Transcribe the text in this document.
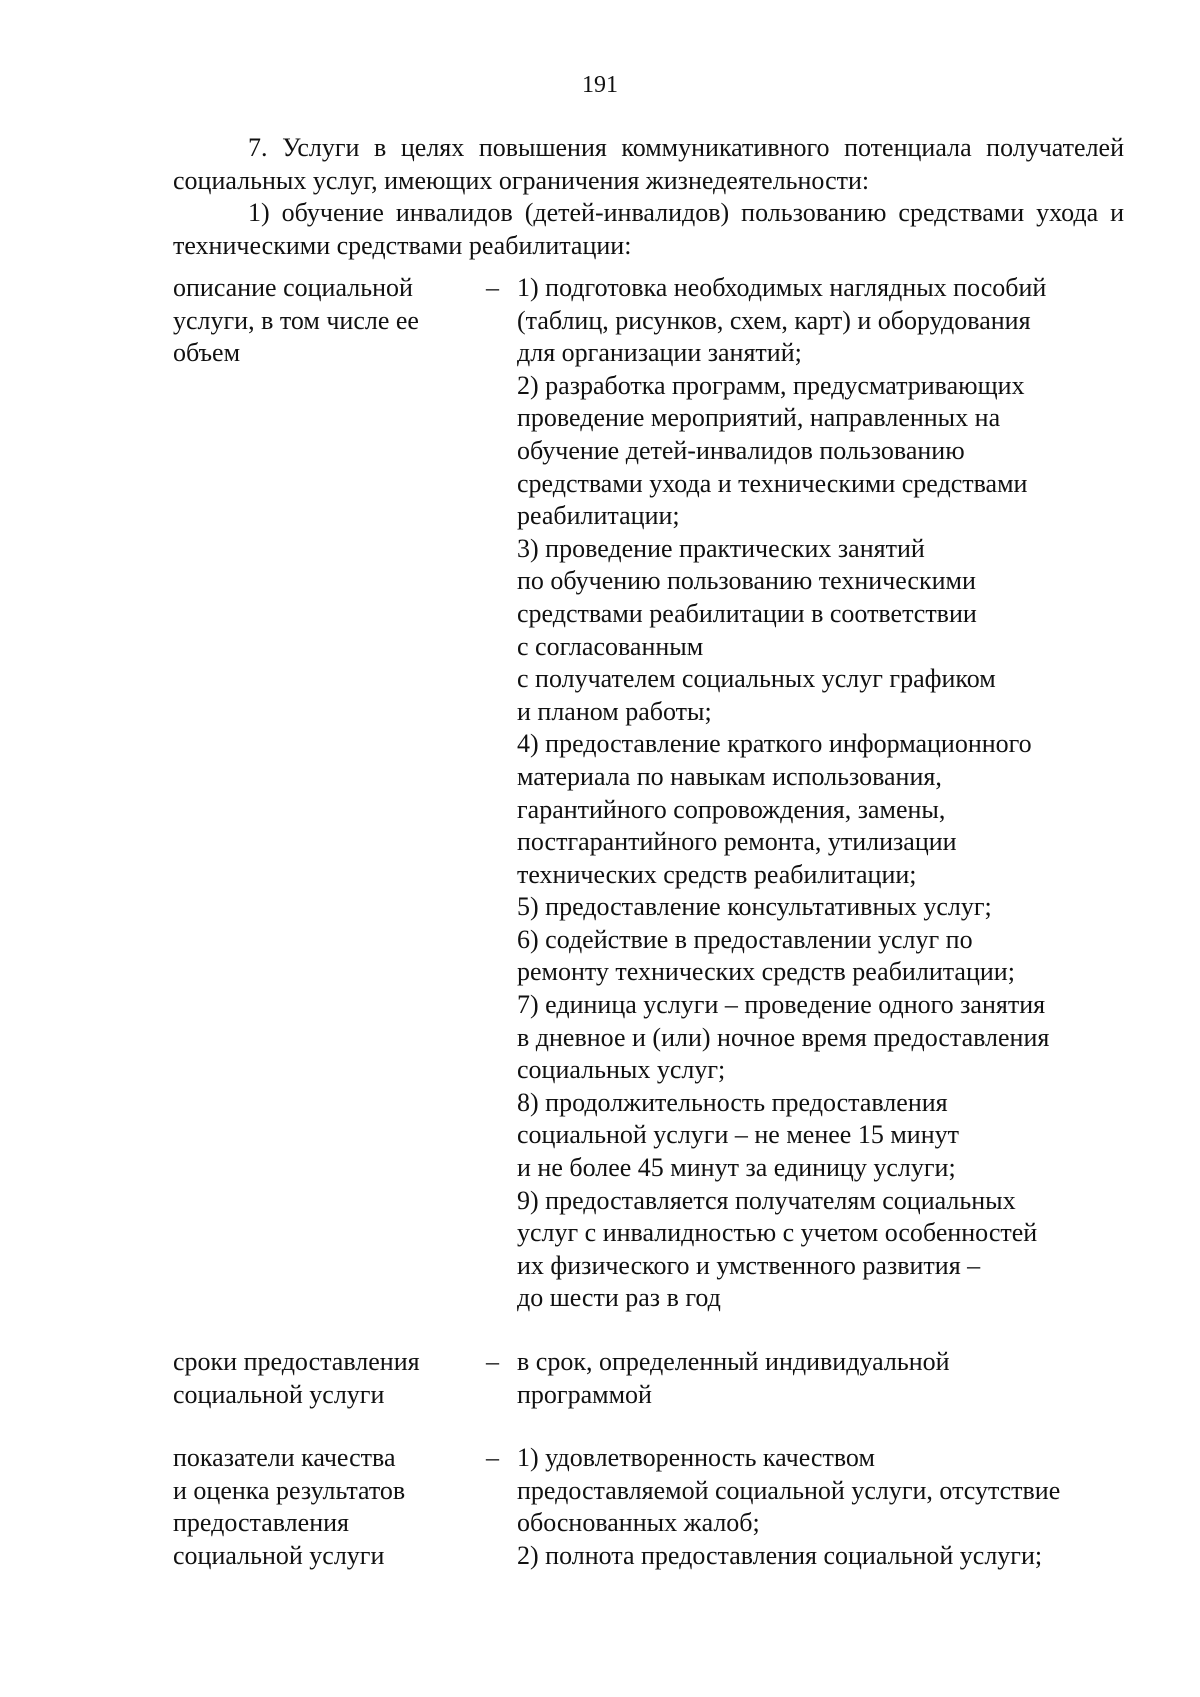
191

7. Услуги в целях повышения коммуникативного потенциала получателей социальных услуг, имеющих ограничения жизнедеятельности:

1) обучение инвалидов (детей-инвалидов) пользованию средствами ухода и техническими средствами реабилитации:

описание социальной
услуги, в том числе ее
объем
– 1) подготовка необходимых наглядных пособий
(таблиц, рисунков, схем, карт) и оборудования
для организации занятий;
2) разработка программ, предусматривающих
проведение мероприятий, направленных на
обучение детей-инвалидов пользованию
средствами ухода и техническими средствами
реабилитации;
3) проведение практических занятий
по обучению пользованию техническими
средствами реабилитации в соответствии
с согласованным
с получателем социальных услуг графиком
и планом работы;
4) предоставление краткого информационного
материала по навыкам использования,
гарантийного сопровождения, замены,
постгарантийного ремонта, утилизации
технических средств реабилитации;
5) предоставление консультативных услуг;
6) содействие в предоставлении услуг по
ремонту технических средств реабилитации;
7) единица услуги – проведение одного занятия
в дневное и (или) ночное время предоставления
социальных услуг;
8) продолжительность предоставления
социальной услуги – не менее 15 минут
и не более 45 минут за единицу услуги;
9) предоставляется получателям социальных
услуг с инвалидностью с учетом особенностей
их физического и умственного развития –
до шести раз в год
сроки предоставления
социальной услуги
– в срок, определенный индивидуальной
программой
показатели качества
и оценка результатов
предоставления
социальной услуги
– 1) удовлетворенность качеством
предоставляемой социальной услуги, отсутствие
обоснованных жалоб;
2) полнота предоставления социальной услуги;
